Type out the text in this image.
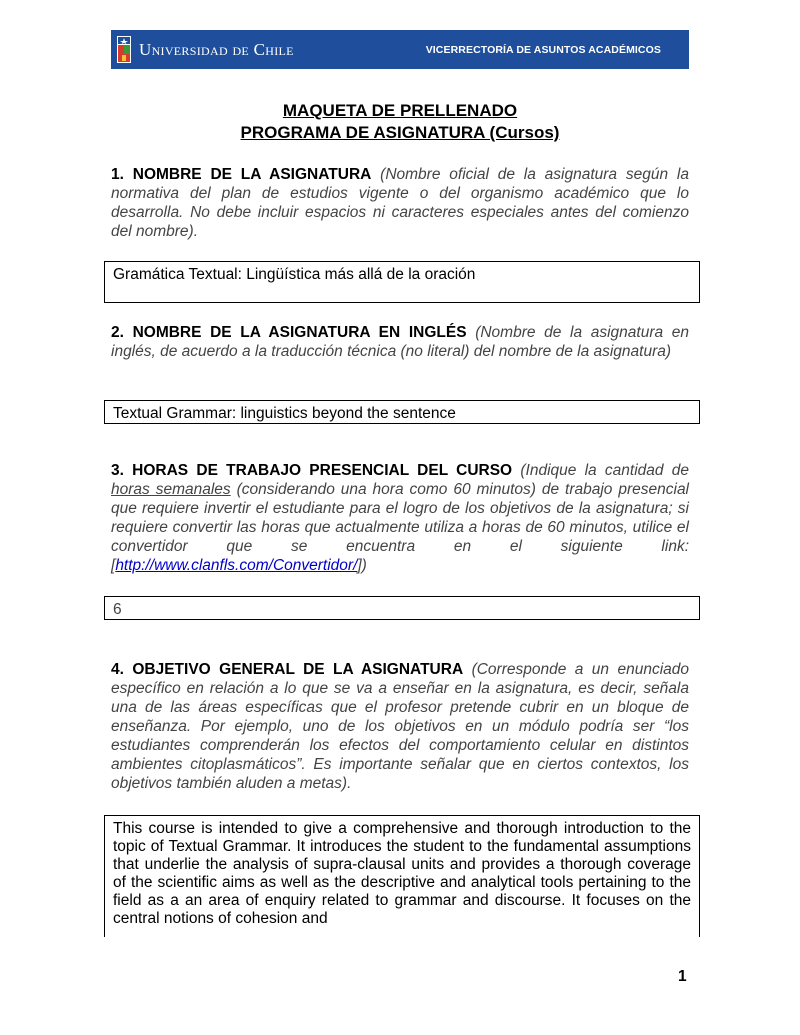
Universidad de Chile	VICERRECTORÍA DE ASUNTOS ACADÉMICOS
MAQUETA DE PRELLENADO
PROGRAMA DE ASIGNATURA (Cursos)
1. NOMBRE DE LA ASIGNATURA (Nombre oficial de la asignatura según la normativa del plan de estudios vigente o del organismo académico que lo desarrolla. No debe incluir espacios ni caracteres especiales antes del comienzo del nombre).
Gramática Textual: Lingüística más allá de la oración
2. NOMBRE DE LA ASIGNATURA EN INGLÉS (Nombre de la asignatura en inglés, de acuerdo a la traducción técnica (no literal) del nombre de la asignatura)
Textual Grammar: linguistics beyond the sentence
3. HORAS DE TRABAJO PRESENCIAL DEL CURSO (Indique la cantidad de horas semanales (considerando una hora como 60 minutos) de trabajo presencial que requiere invertir el estudiante para el logro de los objetivos de la asignatura; si requiere convertir las horas que actualmente utiliza a horas de 60 minutos, utilice el convertidor que se encuentra en el siguiente link: [http://www.clanfls.com/Convertidor/])
6
4. OBJETIVO GENERAL DE LA ASIGNATURA (Corresponde a un enunciado específico en relación a lo que se va a enseñar en la asignatura, es decir, señala una de las áreas específicas que el profesor pretende cubrir en un bloque de enseñanza. Por ejemplo, uno de los objetivos en un módulo podría ser “los estudiantes comprenderán los efectos del comportamiento celular en distintos ambientes citoplasmáticos”. Es importante señalar que en ciertos contextos, los objetivos también aluden a metas).
This course is intended to give a comprehensive and thorough introduction to the topic of Textual Grammar. It introduces the student to the fundamental assumptions that underlie the analysis of supra-clausal units and provides a thorough coverage of the scientific aims as well as the descriptive and analytical tools pertaining to the field as a an area of enquiry related to grammar and discourse. It focuses on the central notions of cohesion and
1
